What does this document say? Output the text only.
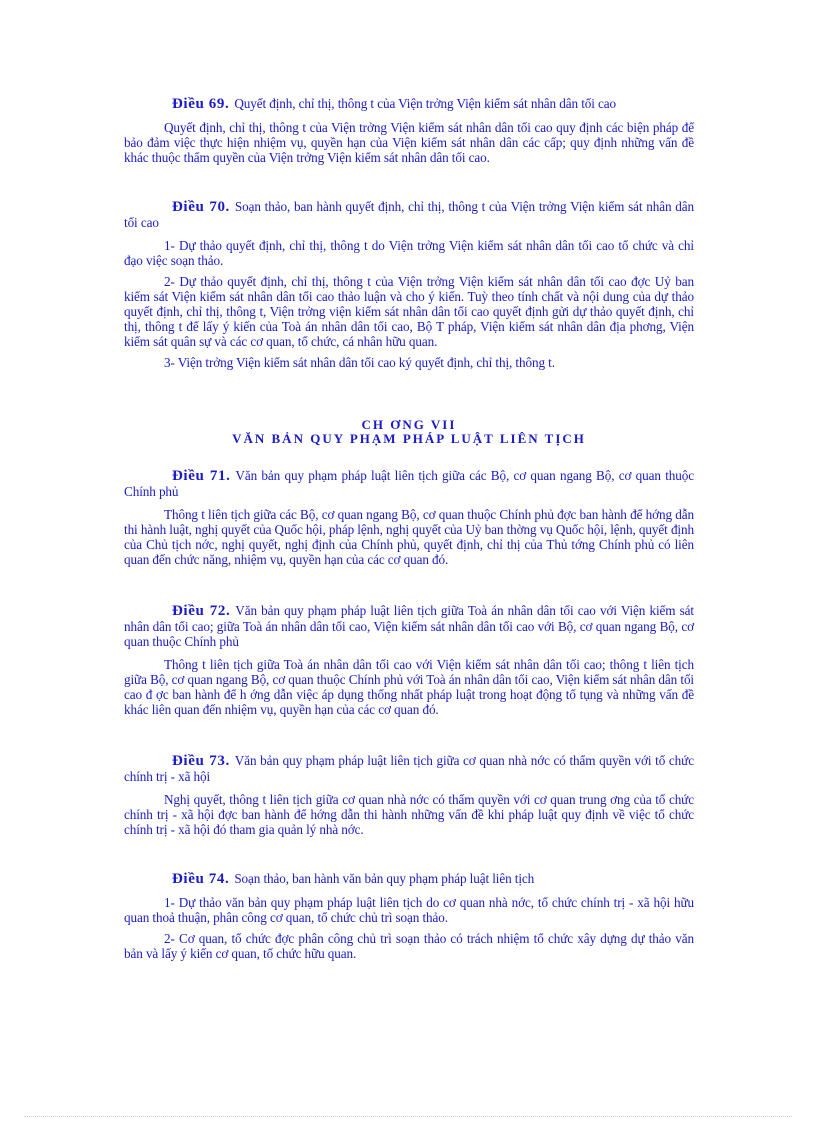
Điều 69. Quyết định, chỉ thị, thông t của Viện trởng Viện kiểm sát nhân dân tối cao

Quyết định, chỉ thị, thông t của Viện trởng Viện kiểm sát nhân dân tối cao quy định các biện pháp để bảo đảm việc thực hiện nhiệm vụ, quyền hạn của Viện kiểm sát nhân dân các cấp; quy định những vấn đề khác thuộc thẩm quyền của Viện trởng Viện kiểm sát nhân dân tối cao.

Điều 70. Soạn thảo, ban hành quyết định, chỉ thị, thông t của Viện trởng Viện kiểm sát nhân dân tối cao

1- Dự thảo quyết định, chỉ thị, thông t do Viện trởng Viện kiểm sát nhân dân tối cao tổ chức và chỉ đạo việc soạn thảo.

2- Dự thảo quyết định, chỉ thị, thông t của Viện trởng Viện kiểm sát nhân dân tối cao đợc Uỷ ban kiểm sát Viện kiểm sát nhân dân tối cao thảo luận và cho ý kiến. Tuỳ theo tính chất và nội dung của dự thảo quyết định, chỉ thị, thông t, Viện trởng viện kiểm sát nhân dân tối cao quyết định gửi dự thảo quyết định, chỉ thị, thông t để lấy ý kiến của Toà án nhân dân tối cao, Bộ T pháp, Viện kiểm sát nhân dân địa phơng, Viện kiểm sát quân sự và các cơ quan, tổ chức, cá nhân hữu quan.

3- Viện trởng Viện kiểm sát nhân dân tối cao ký quyết định, chỉ thị, thông t.

CH ƠNG VII

VĂN BẢN QUY PHẠM PHÁP LUẬT LIÊN TỊCH

Điều 71. Văn bản quy phạm pháp luật liên tịch giữa các Bộ, cơ quan ngang Bộ, cơ quan thuộc Chính phủ

Thông t liên tịch giữa các Bộ, cơ quan ngang Bộ, cơ quan thuộc Chính phủ đợc ban hành để hớng dẫn thi hành luật, nghị quyết của Quốc hội, pháp lệnh, nghị quyết của Uỷ ban thờng vụ Quốc hội, lệnh, quyết định của Chủ tịch nớc, nghị quyết, nghị định của Chính phủ, quyết định, chỉ thị của Thủ tớng Chính phủ có liên quan đến chức năng, nhiệm vụ, quyền hạn của các cơ quan đó.

Điều 72. Văn bản quy phạm pháp luật liên tịch giữa Toà án nhân dân tối cao với Viện kiểm sát nhân dân tối cao; giữa Toà án nhân dân tối cao, Viện kiểm sát nhân dân tối cao với Bộ, cơ quan ngang Bộ, cơ quan thuộc Chính phủ

Thông t liên tịch giữa Toà án nhân dân tối cao với Viện kiểm sát nhân dân tối cao; thông t liên tịch giữa Bộ, cơ quan ngang Bộ, cơ quan thuộc Chính phủ với Toà án nhân dân tối cao, Viện kiểm sát nhân dân tối cao đ ợc ban hành để h ớng dẫn việc áp dụng thống nhất pháp luật trong hoạt động tố tụng và những vấn đề khác liên quan đến nhiệm vụ, quyền hạn của các cơ quan đó.

Điều 73. Văn bản quy phạm pháp luật liên tịch giữa cơ quan nhà nớc có thẩm quyền với tổ chức chính trị - xã hội

Nghị quyết, thông t liên tịch giữa cơ quan nhà nớc có thẩm quyền với cơ quan trung ơng của tổ chức chính trị - xã hội đợc ban hành để hớng dẫn thi hành những vấn đề khi pháp luật quy định về việc tổ chức chính trị - xã hội đó tham gia quản lý nhà nớc.

Điều 74. Soạn thảo, ban hành văn bản quy phạm pháp luật liên tịch

1- Dự thảo văn bản quy phạm pháp luật liên tịch do cơ quan nhà nớc, tổ chức chính trị - xã hội hữu quan thoả thuận, phân công cơ quan, tổ chức chủ trì soạn thảo.

2- Cơ quan, tổ chức đợc phân công chủ trì soạn thảo có trách nhiệm tổ chức xây dựng dự thảo văn bản và lấy ý kiến cơ quan, tổ chức hữu quan.
